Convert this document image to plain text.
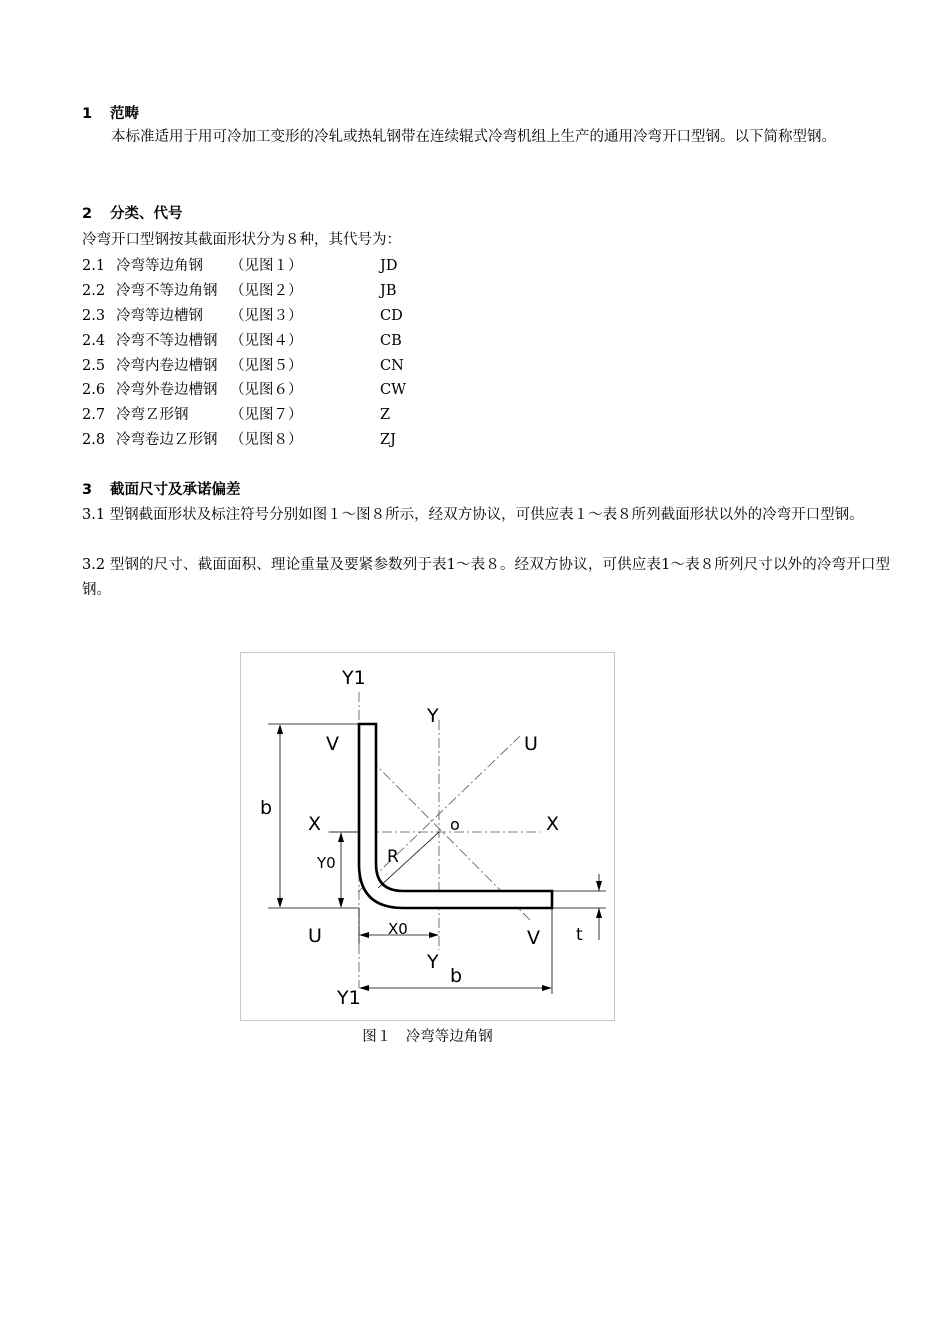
1 范畴
本标准适用于用可冷加工变形的冷轧或热轧钢带在连续辊式冷弯机组上生产的通用冷弯开口型钢。以下简称型钢。
2 分类、代号
冷弯开口型钢按其截面形状分为８种，其代号为：
2.1 冷弯等边角钢 （见图１）	JD
2.2 冷弯不等边角钢 （见图２）	JB
2.3 冷弯等边槽钢 （见图３）	CD
2.4 冷弯不等边槽钢 （见图４）	CB
2.5 冷弯内卷边槽钢 （见图５）	CN
2.6 冷弯外卷边槽钢 （见图６）	CW
2.7 冷弯Ｚ形钢	（见图７）	Z
2.8 冷弯卷边Ｚ形钢 （见图８）	ZJ
3 截面尺寸及承诺偏差
3.1 型钢截面形状及标注符号分别如图１～图８所示，经双方协议，可供应表１～表８所列截面形状以外的冷弯开口型钢。
3.2 型钢的尺寸、截面面积、理论重量及要紧参数列于表1～表８。经双方协议，可供应表1～表８所列尺寸以外的冷弯开口型钢。
Y1
Y
V	U
X	X
o
R
b
Y0
U	X0
Y
V
b
t
Y1
图１　冷弯等边角钢
